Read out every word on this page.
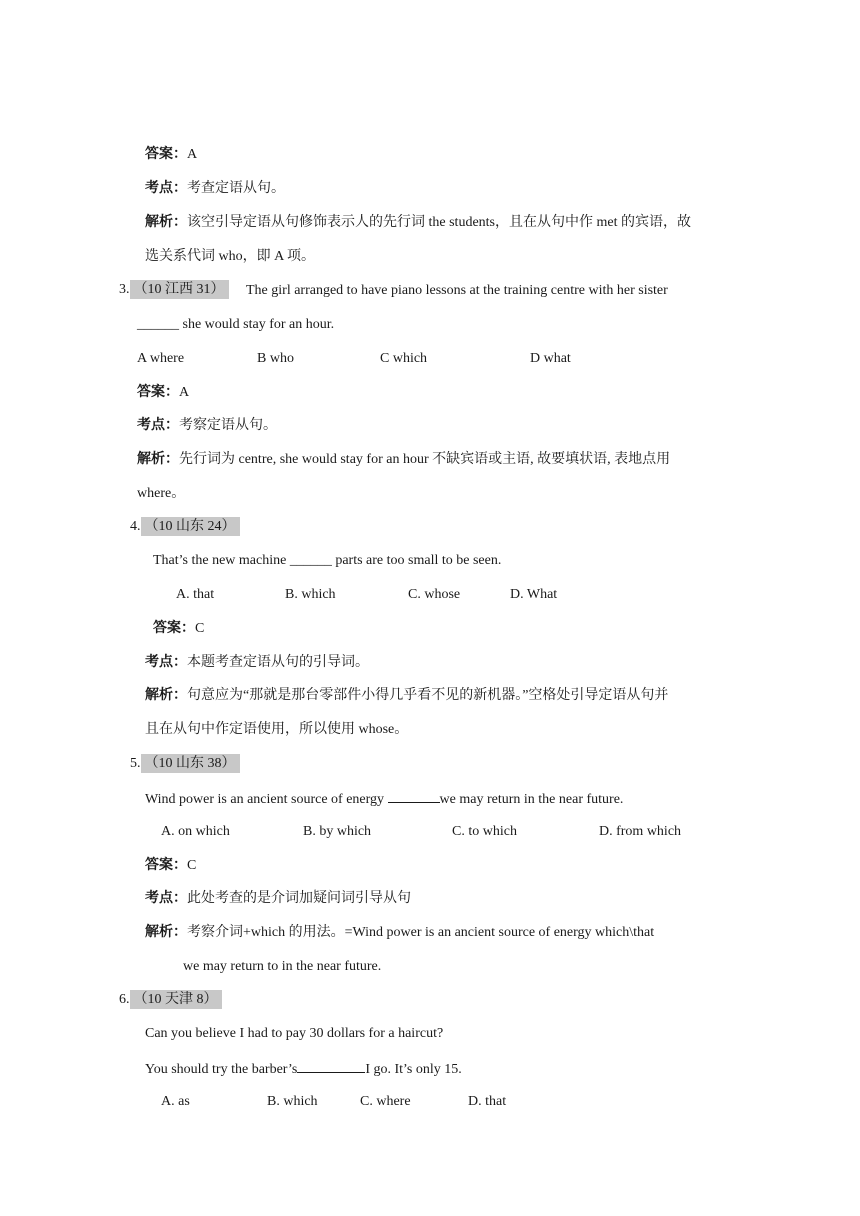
答案：A
考点：考查定语从句。
解析：该空引导定语从句修饰表示人的先行词 the students，且在从句中作 met 的宾语，故
选关系代词 who，即 A 项。
3. （10 江西 31） The girl arranged to have piano lessons at the training centre with her sister
______ she would stay for an hour.
A where	B who	C which	D what
答案：A
考点：考察定语从句。
解析：先行词为 centre, she would stay for an hour 不缺宾语或主语, 故要填状语, 表地点用
where。
4. （10 山东 24）
That’s the new machine ______ parts are too small to be seen.
A. that	B. which	C. whose	D. What
答案：C
考点：本题考查定语从句的引导词。
解析：句意应为“那就是那台零部件小得几乎看不见的新机器。”空格处引导定语从句并
且在从句中作定语使用，所以使用 whose。
5. （10 山东 38）
Wind power is an ancient source of energy	we may return in the near future.
A. on which	B. by which	C. to which	D. from which
答案：C
考点：此处考查的是介词加疑问词引导从句
解析：考察介词+which 的用法。=Wind power is an ancient source of energy which\that
we may return to in the near future.
6. （10 天津 8）
Can you believe I had to pay 30 dollars for a haircut?
You should try the barber’s	I go. It’s only 15.
A. as	B. which	C. where	D. that
